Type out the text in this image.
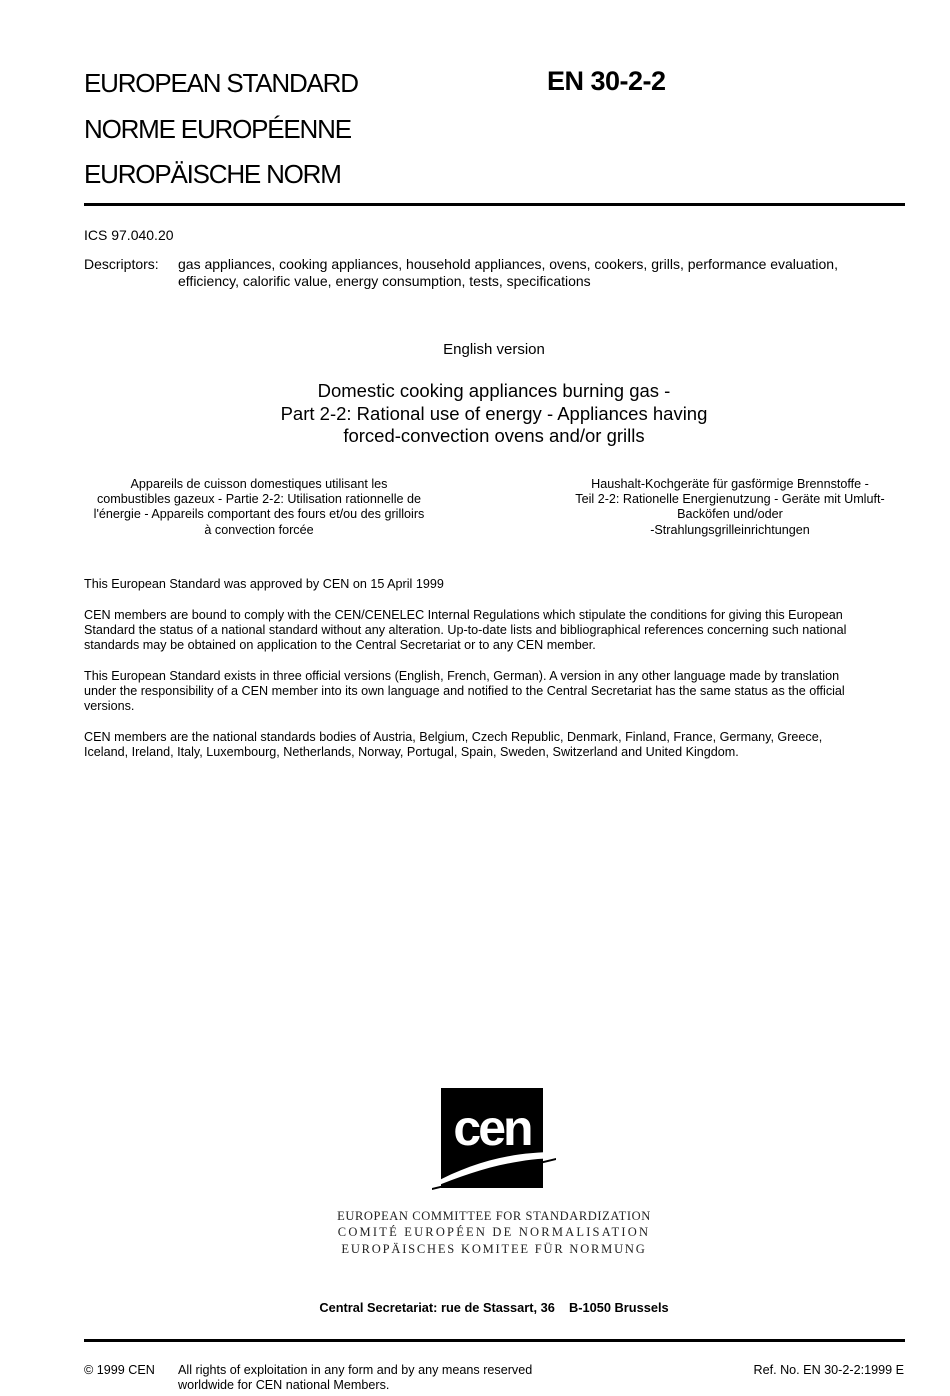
EUROPEAN STANDARD
NORME EUROPÉENNE
EUROPÄISCHE NORM
EN 30-2-2
ICS 97.040.20
Descriptors: gas appliances, cooking appliances, household appliances, ovens, cookers, grills, performance evaluation,
efficiency, calorific value, energy consumption, tests, specifications
English version
Domestic cooking appliances burning gas -
Part 2-2: Rational use of energy - Appliances having
forced-convection ovens and/or grills
Appareils de cuisson domestiques utilisant les
combustibles gazeux - Partie 2-2: Utilisation rationnelle de
l'énergie - Appareils comportant des fours et/ou des grilloirs
à convection forcée
Haushalt-Kochgeräte für gasförmige Brennstoffe -
Teil 2-2: Rationelle Energienutzung - Geräte mit Umluft-
Backöfen und/oder
-Strahlungsgrilleinrichtungen
This European Standard was approved by CEN on 15 April 1999
CEN members are bound to comply with the CEN/CENELEC Internal Regulations which stipulate the conditions for giving this European
Standard the status of a national standard without any alteration. Up-to-date lists and bibliographical references concerning such national
standards may be obtained on application to the Central Secretariat or to any CEN member.
This European Standard exists in three official versions (English, French, German). A version in any other language made by translation
under the responsibility of a CEN member into its own language and notified to the Central Secretariat has the same status as the official
versions.
CEN members are the national standards bodies of Austria, Belgium, Czech Republic, Denmark, Finland, France, Germany, Greece,
Iceland, Ireland, Italy, Luxembourg, Netherlands, Norway, Portugal, Spain, Sweden, Switzerland and United Kingdom.
cen
EUROPEAN COMMITTEE FOR STANDARDIZATION
COMITÉ EUROPÉEN DE NORMALISATION
EUROPÄISCHES KOMITEE FÜR NORMUNG
Central Secretariat: rue de Stassart, 36    B-1050 Brussels
© 1999 CEN All rights of exploitation in any form and by any means reserved
worldwide for CEN national Members.
Ref. No. EN 30-2-2:1999 E
